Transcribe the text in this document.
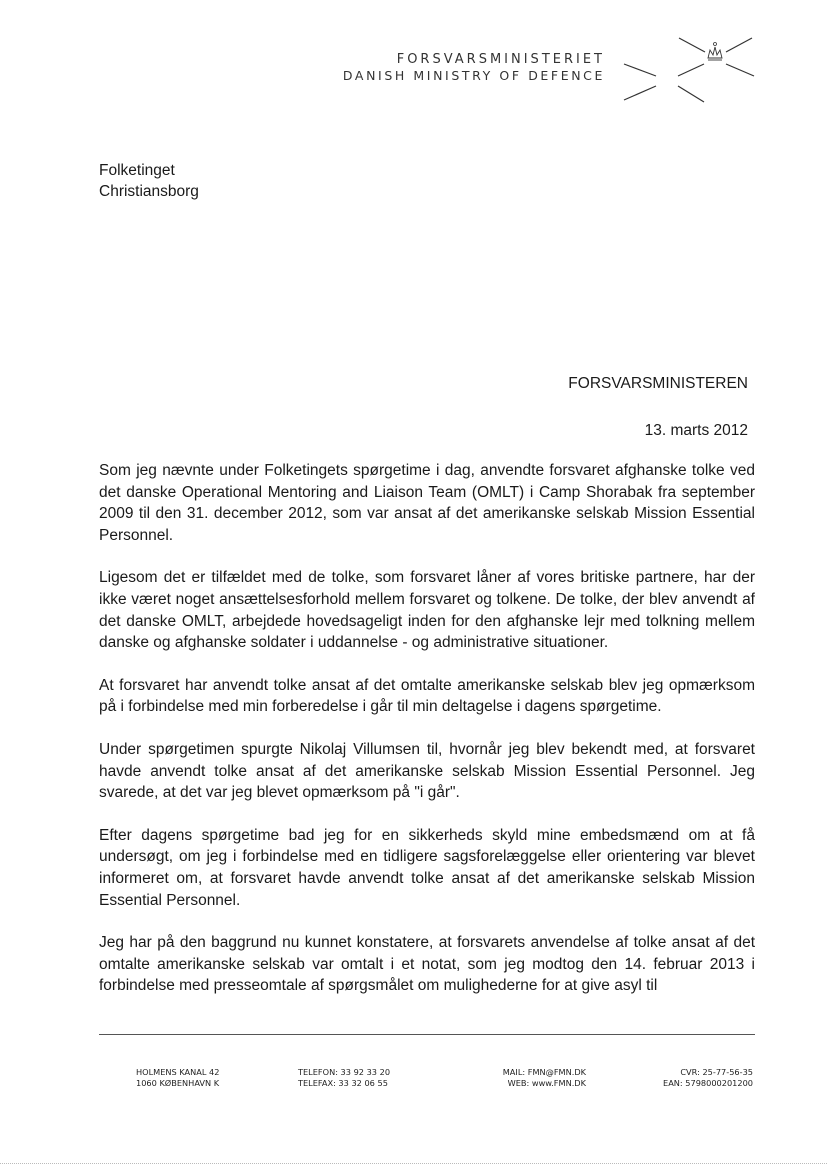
FORSVARSMINISTERIET
DANISH MINISTRY OF DEFENCE
Folketinget
Christiansborg
FORSVARSMINISTEREN
13. marts 2012

Som jeg nævnte under Folketingets spørgetime i dag, anvendte forsvaret afghanske tolke ved det danske Operational Mentoring and Liaison Team (OMLT) i Camp Shorabak fra september 2009 til den 31. december 2012, som var ansat af det amerikanske selskab Mission Essential Personnel.

Ligesom det er tilfældet med de tolke, som forsvaret låner af vores britiske partnere, har der ikke været noget ansættelsesforhold mellem forsvaret og tolkene. De tolke, der blev anvendt af det danske OMLT, arbejdede hovedsageligt inden for den afghanske lejr med tolkning mellem danske og afghanske soldater i uddannelse - og administrative situationer.

At forsvaret har anvendt tolke ansat af det omtalte amerikanske selskab blev jeg opmærksom på i forbindelse med min forberedelse i går til min deltagelse i dagens spørgetime.

Under spørgetimen spurgte Nikolaj Villumsen til, hvornår jeg blev bekendt med, at forsvaret havde anvendt tolke ansat af det amerikanske selskab Mission Essential Personnel. Jeg svarede, at det var jeg blevet opmærksom på "i går".

Efter dagens spørgetime bad jeg for en sikkerheds skyld mine embedsmænd om at få undersøgt, om jeg i forbindelse med en tidligere sagsforelæggelse eller orientering var blevet informeret om, at forsvaret havde anvendt tolke ansat af det amerikanske selskab Mission Essential Personnel.

Jeg har på den baggrund nu kunnet konstatere, at forsvarets anvendelse af tolke ansat af det omtalte amerikanske selskab var omtalt i et notat, som jeg modtog den 14. februar 2013 i forbindelse med presseomtale af spørgsmålet om mulighederne for at give asyl til

HOLMENS KANAL 42
1060 KØBENHAVN K
TELEFON: 33 92 33 20
TELEFAX: 33 32 06 55
MAIL: FMN@FMN.DK
WEB: www.FMN.DK
CVR: 25-77-56-35
EAN: 5798000201200
